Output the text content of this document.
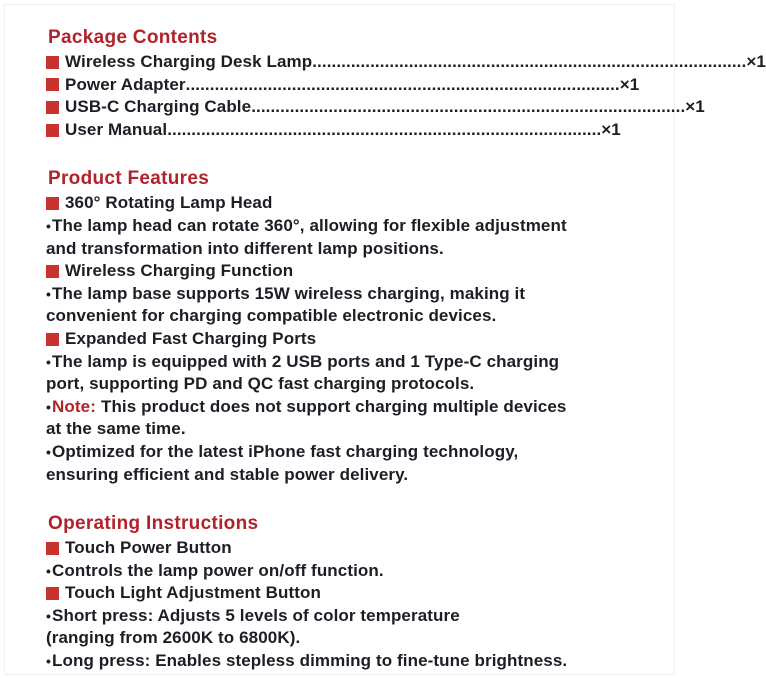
Package Contents
Wireless Charging Desk Lamp .......................................................................................... ×1
Power Adapter .......................................................................................... ×1
USB-C Charging Cable .......................................................................................... ×1
User Manual .......................................................................................... ×1
Product Features
360° Rotating Lamp Head
•The lamp head can rotate 360°, allowing for flexible adjustment
and transformation into different lamp positions.
Wireless Charging Function
•The lamp base supports 15W wireless charging, making it
convenient for charging compatible electronic devices.
Expanded Fast Charging Ports
•The lamp is equipped with 2 USB ports and 1 Type-C charging
port, supporting PD and QC fast charging protocols.
•Note: This product does not support charging multiple devices
at the same time.
•Optimized for the latest iPhone fast charging technology,
ensuring efficient and stable power delivery.
Operating Instructions
Touch Power Button
•Controls the lamp power on/off function.
Touch Light Adjustment Button
•Short press: Adjusts 5 levels of color temperature
(ranging from 2600K to 6800K).
•Long press: Enables stepless dimming to fine-tune brightness.
